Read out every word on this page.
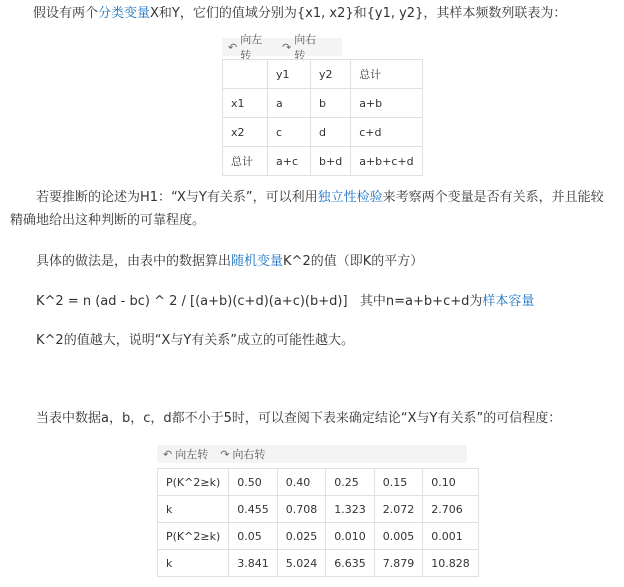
假设有两个分类变量X和Y，它们的值域分别为{x1, x2}和{y1, y2}，其样本频数列联表为：
↶
向左转
↷
向右转
	y1	y2	总计
x1	a	b	a+b
x2	c	d	c+d
总计	a+c	b+d	a+b+c+d
若要推断的论述为H1：“X与Y有关系”，可以利用独立性检验来考察两个变量是否有关系，并且能较精确地给出这种判断的可靠程度。
具体的做法是，由表中的数据算出随机变量K^2的值（即K的平方）
K^2 = n (ad - bc) ^ 2 / [(a+b)(c+d)(a+c)(b+d)]   其中n=a+b+c+d为样本容量
K^2的值越大，说明“X与Y有关系”成立的可能性越大。
当表中数据a，b，c，d都不小于5时，可以查阅下表来确定结论“X与Y有关系”的可信程度：
↶ 向左转 ↷ 向右转
P(K^2≥k)	0.50	0.40	0.25	0.15	0.10
k	0.455	0.708	1.323	2.072	2.706
P(K^2≥k)	0.05	0.025	0.010	0.005	0.001
k	3.841	5.024	6.635	7.879	10.828
